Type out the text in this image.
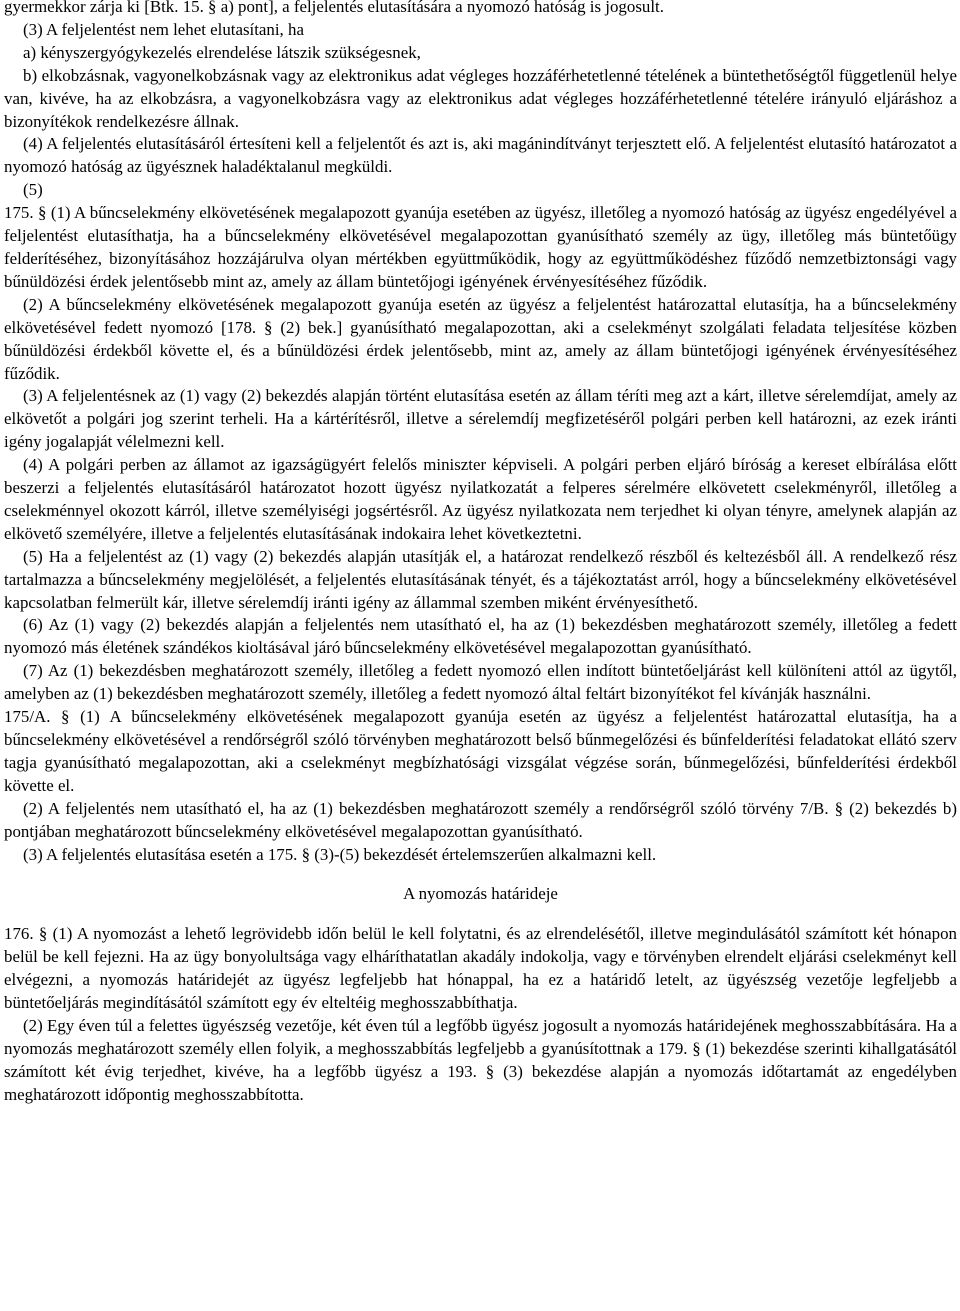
gyermekkor zárja ki [Btk. 15. § a) pont], a feljelentés elutasítására a nyomozó hatóság is jogosult.

(3) A feljelentést nem lehet elutasítani, ha

a) kényszergyógykezelés elrendelése látszik szükségesnek,

b) elkobzásnak, vagyonelkobzásnak vagy az elektronikus adat végleges hozzáférhetetlenné tételének a büntethetőségtől függetlenül helye van, kivéve, ha az elkobzásra, a vagyonelkobzásra vagy az elektronikus adat végleges hozzáférhetetlenné tételére irányuló eljáráshoz a bizonyítékok rendelkezésre állnak.

(4) A feljelentés elutasításáról értesíteni kell a feljelentőt és azt is, aki magánindítványt terjesztett elő. A feljelentést elutasító határozatot a nyomozó hatóság az ügyésznek haladéktalanul megküldi.

(5)

175. § (1) A bűncselekmény elkövetésének megalapozott gyanúja esetében az ügyész, illetőleg a nyomozó hatóság az ügyész engedélyével a feljelentést elutasíthatja, ha a bűncselekmény elkövetésével megalapozottan gyanúsítható személy az ügy, illetőleg más büntetőügy felderítéséhez, bizonyításához hozzájárulva olyan mértékben együttműködik, hogy az együttműködéshez fűződő nemzetbiztonsági vagy bűnüldözési érdek jelentősebb mint az, amely az állam büntetőjogi igényének érvényesítéséhez fűződik.

(2) A bűncselekmény elkövetésének megalapozott gyanúja esetén az ügyész a feljelentést határozattal elutasítja, ha a bűncselekmény elkövetésével fedett nyomozó [178. § (2) bek.] gyanúsítható megalapozottan, aki a cselekményt szolgálati feladata teljesítése közben bűnüldözési érdekből követte el, és a bűnüldözési érdek jelentősebb, mint az, amely az állam büntetőjogi igényének érvényesítéséhez fűződik.

(3) A feljelentésnek az (1) vagy (2) bekezdés alapján történt elutasítása esetén az állam téríti meg azt a kárt, illetve sérelemdíjat, amely az elkövetőt a polgári jog szerint terheli. Ha a kártérítésről, illetve a sérelemdíj megfizetéséről polgári perben kell határozni, az ezek iránti igény jogalapját vélelmezni kell.

(4) A polgári perben az államot az igazságügyért felelős miniszter képviseli. A polgári perben eljáró bíróság a kereset elbírálása előtt beszerzi a feljelentés elutasításáról határozatot hozott ügyész nyilatkozatát a felperes sérelmére elkövetett cselekményről, illetőleg a cselekménnyel okozott kárról, illetve személyiségi jogsértésről. Az ügyész nyilatkozata nem terjedhet ki olyan tényre, amelynek alapján az elkövető személyére, illetve a feljelentés elutasításának indokaira lehet következtetni.

(5) Ha a feljelentést az (1) vagy (2) bekezdés alapján utasítják el, a határozat rendelkező részből és keltezésből áll. A rendelkező rész tartalmazza a bűncselekmény megjelölését, a feljelentés elutasításának tényét, és a tájékoztatást arról, hogy a bűncselekmény elkövetésével kapcsolatban felmerült kár, illetve sérelemdíj iránti igény az állammal szemben miként érvényesíthető.

(6) Az (1) vagy (2) bekezdés alapján a feljelentés nem utasítható el, ha az (1) bekezdésben meghatározott személy, illetőleg a fedett nyomozó más életének szándékos kioltásával járó bűncselekmény elkövetésével megalapozottan gyanúsítható.

(7) Az (1) bekezdésben meghatározott személy, illetőleg a fedett nyomozó ellen indított büntetőeljárást kell különíteni attól az ügytől, amelyben az (1) bekezdésben meghatározott személy, illetőleg a fedett nyomozó által feltárt bizonyítékot fel kívánják használni.

175/A. § (1) A bűncselekmény elkövetésének megalapozott gyanúja esetén az ügyész a feljelentést határozattal elutasítja, ha a bűncselekmény elkövetésével a rendőrségről szóló törvényben meghatározott belső bűnmegelőzési és bűnfelderítési feladatokat ellátó szerv tagja gyanúsítható megalapozottan, aki a cselekményt megbízhatósági vizsgálat végzése során, bűnmegelőzési, bűnfelderítési érdekből követte el.

(2) A feljelentés nem utasítható el, ha az (1) bekezdésben meghatározott személy a rendőrségről szóló törvény 7/B. § (2) bekezdés b) pontjában meghatározott bűncselekmény elkövetésével megalapozottan gyanúsítható.

(3) A feljelentés elutasítása esetén a 175. § (3)-(5) bekezdését értelemszerűen alkalmazni kell.

A nyomozás határideje

176. § (1) A nyomozást a lehető legrövidebb időn belül le kell folytatni, és az elrendelésétől, illetve megindulásától számított két hónapon belül be kell fejezni. Ha az ügy bonyolultsága vagy elháríthatatlan akadály indokolja, vagy e törvényben elrendelt eljárási cselekményt kell elvégezni, a nyomozás határidejét az ügyész legfeljebb hat hónappal, ha ez a határidő letelt, az ügyészség vezetője legfeljebb a büntetőeljárás megindításától számított egy év elteltéig meghosszabbíthatja.

(2) Egy éven túl a felettes ügyészség vezetője, két éven túl a legfőbb ügyész jogosult a nyomozás határidejének meghosszabbítására. Ha a nyomozás meghatározott személy ellen folyik, a meghosszabbítás legfeljebb a gyanúsítottnak a 179. § (1) bekezdése szerinti kihallgatásától számított két évig terjedhet, kivéve, ha a legfőbb ügyész a 193. § (3) bekezdése alapján a nyomozás időtartamát az engedélyben meghatározott időpontig meghosszabbította.
